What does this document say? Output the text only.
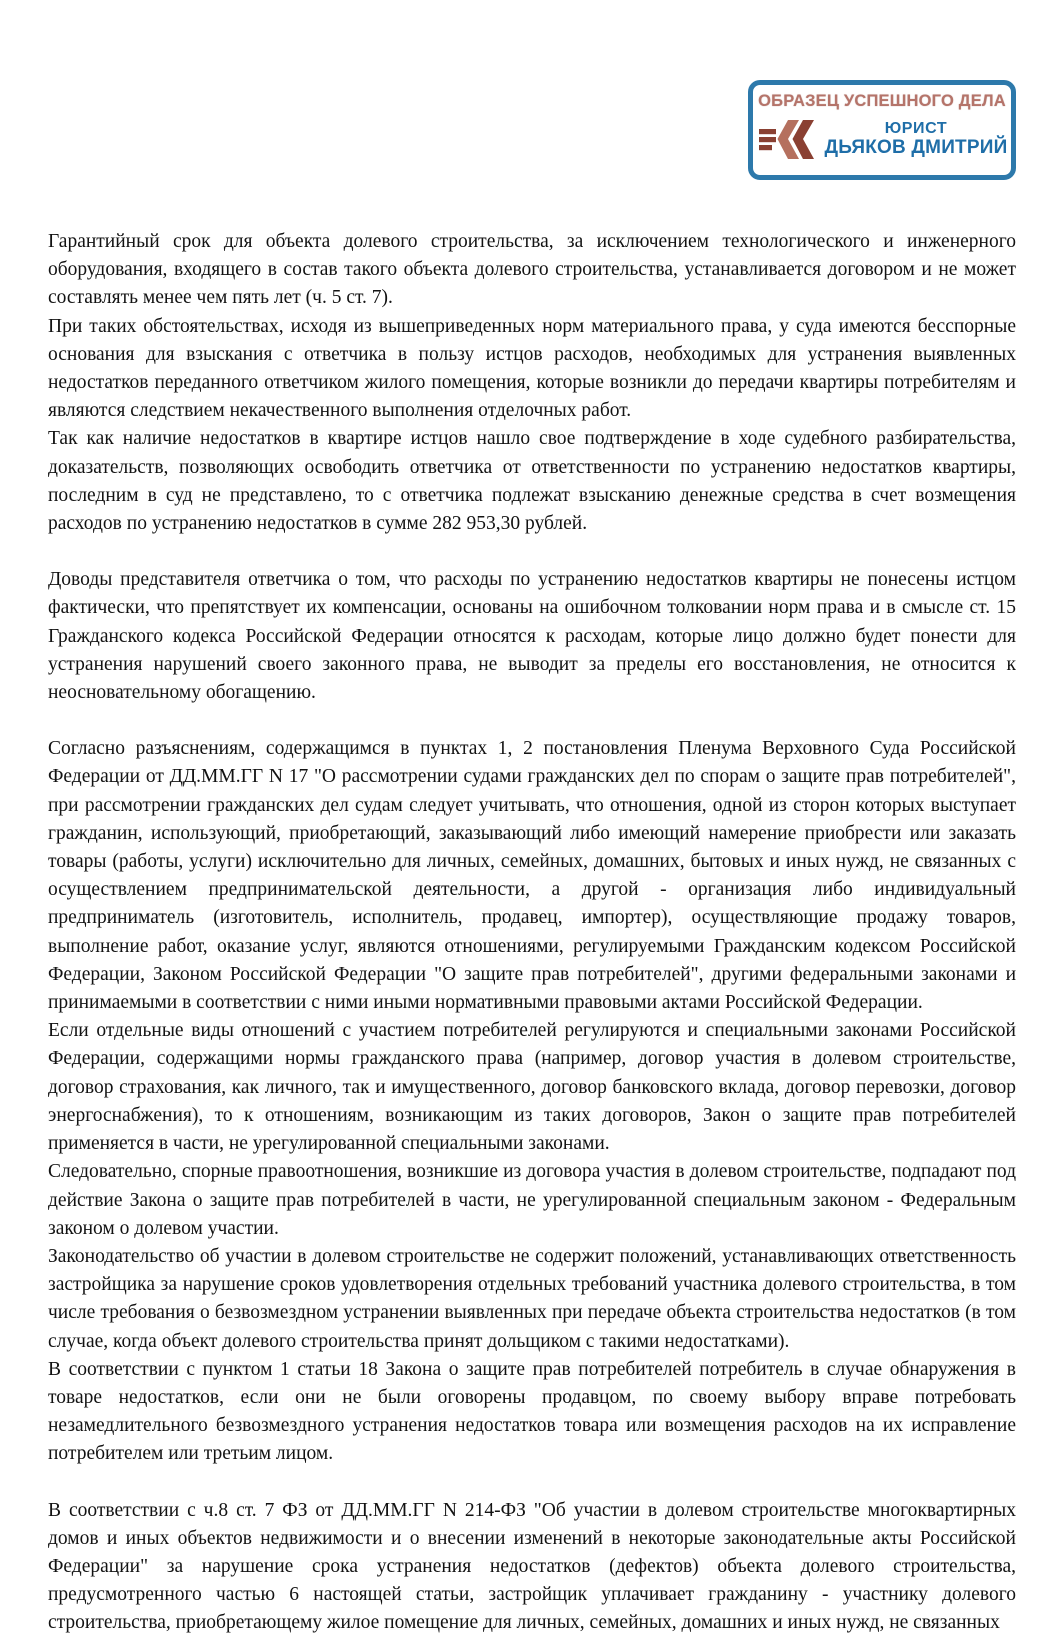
ОБРАЗЕЦ УСПЕШНОГО ДЕЛА
ЮРИСТ
ДЬЯКОВ ДМИТРИЙ

Гарантийный срок для объекта долевого строительства, за исключением технологического и инженерного оборудования, входящего в состав такого объекта долевого строительства, устанавливается договором и не может составлять менее чем пять лет (ч. 5 ст. 7).

При таких обстоятельствах, исходя из вышеприведенных норм материального права, у суда имеются бесспорные основания для взыскания с ответчика в пользу истцов расходов, необходимых для устранения выявленных недостатков переданного ответчиком жилого помещения, которые возникли до передачи квартиры потребителям и являются следствием некачественного выполнения отделочных работ.

Так как наличие недостатков в квартире истцов нашло свое подтверждение в ходе судебного разбирательства, доказательств, позволяющих освободить ответчика от ответственности по устранению недостатков квартиры, последним в суд не представлено, то с ответчика подлежат взысканию денежные средства в счет возмещения расходов по устранению недостатков в сумме 282 953,30 рублей.

Доводы представителя ответчика о том, что расходы по устранению недостатков квартиры не понесены истцом фактически, что препятствует их компенсации, основаны на ошибочном толковании норм права и в смысле ст. 15 Гражданского кодекса Российской Федерации относятся к расходам, которые лицо должно будет понести для устранения нарушений своего законного права, не выводит за пределы его восстановления, не относится к неосновательному обогащению.

Согласно разъяснениям, содержащимся в пунктах 1, 2 постановления Пленума Верховного Суда Российской Федерации от ДД.ММ.ГГ N 17 "О рассмотрении судами гражданских дел по спорам о защите прав потребителей", при рассмотрении гражданских дел судам следует учитывать, что отношения, одной из сторон которых выступает гражданин, использующий, приобретающий, заказывающий либо имеющий намерение приобрести или заказать товары (работы, услуги) исключительно для личных, семейных, домашних, бытовых и иных нужд, не связанных с осуществлением предпринимательской деятельности, а другой - организация либо индивидуальный предприниматель (изготовитель, исполнитель, продавец, импортер), осуществляющие продажу товаров, выполнение работ, оказание услуг, являются отношениями, регулируемыми Гражданским кодексом Российской Федерации, Законом Российской Федерации "О защите прав потребителей", другими федеральными законами и принимаемыми в соответствии с ними иными нормативными правовыми актами Российской Федерации.

Если отдельные виды отношений с участием потребителей регулируются и специальными законами Российской Федерации, содержащими нормы гражданского права (например, договор участия в долевом строительстве, договор страхования, как личного, так и имущественного, договор банковского вклада, договор перевозки, договор энергоснабжения), то к отношениям, возникающим из таких договоров, Закон о защите прав потребителей применяется в части, не урегулированной специальными законами.

Следовательно, спорные правоотношения, возникшие из договора участия в долевом строительстве, подпадают под действие Закона о защите прав потребителей в части, не урегулированной специальным законом - Федеральным законом о долевом участии.

Законодательство об участии в долевом строительстве не содержит положений, устанавливающих ответственность застройщика за нарушение сроков удовлетворения отдельных требований участника долевого строительства, в том числе требования о безвозмездном устранении выявленных при передаче объекта строительства недостатков (в том случае, когда объект долевого строительства принят дольщиком с такими недостатками).

В соответствии с пунктом 1 статьи 18 Закона о защите прав потребителей потребитель в случае обнаружения в товаре недостатков, если они не были оговорены продавцом, по своему выбору вправе потребовать незамедлительного безвозмездного устранения недостатков товара или возмещения расходов на их исправление потребителем или третьим лицом.

В соответствии с ч.8 ст. 7 ФЗ от ДД.ММ.ГГ N 214-ФЗ "Об участии в долевом строительстве многоквартирных домов и иных объектов недвижимости и о внесении изменений в некоторые законодательные акты Российской Федерации" за нарушение срока устранения недостатков (дефектов) объекта долевого строительства, предусмотренного частью 6 настоящей статьи, застройщик уплачивает гражданину - участнику долевого строительства, приобретающему жилое помещение для личных, семейных, домашних и иных нужд, не связанных
